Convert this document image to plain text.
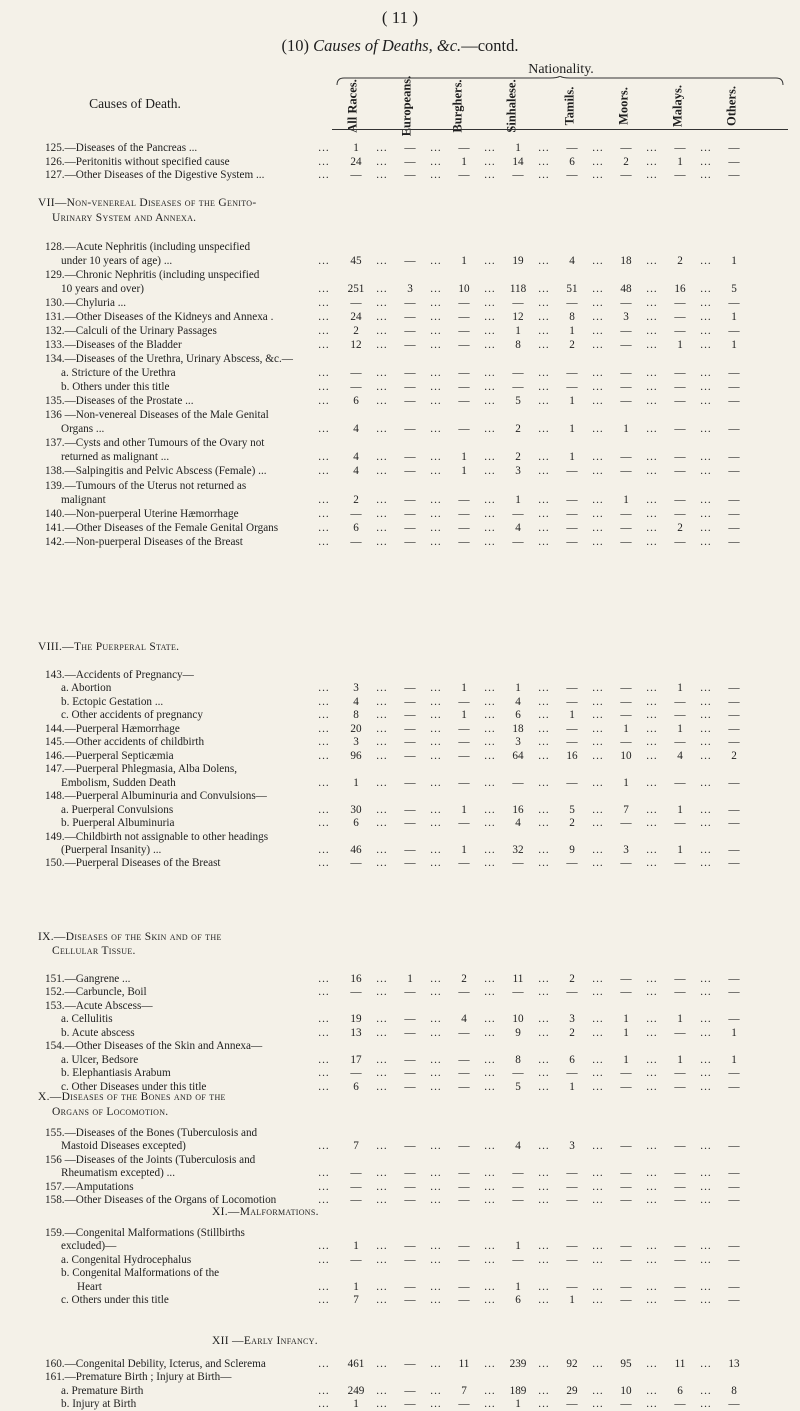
( 11 )
(10) Causes of Deaths, &c.—contd.
Nationality.
Causes of Death.	All Races.	Europeans.	Burghers.	Sinhalese.	Tamils.	Moors.	Malays.	Others.
VII—Non-venereal Diseases of the Genito-
Urinary System and Annexa.
VIII.—The Puerperal State.
IX.—Diseases of the Skin and of the
Cellular Tissue.
X.—Diseases of the Bones and of the
Organs of Locomotion.
XI.—Malformations.
XII —Early Infancy.
125.—Diseases of the Pancreas ...	1	...	—	...	—	...	1	...	—	...	—	...	—	...	—
...
126.—Peritonitis without specified cause	24	...	—	...	1	...	14	...	6	...	2	...	1	...	—
...
127.—Other Diseases of the Digestive System ...	—	...	—	...	—	...	—	...	—	...	—	...	—	...	—
...
128.—Acute Nephritis (including unspecified
under 10 years of age) ...	45	...	—	...	1	...	19	...	4	...	18	...	2	...	1
...
129.—Chronic Nephritis (including unspecified
10 years and over)	251	...	3	...	10	...	118	...	51	...	48	...	16	...	5
...
130.—Chyluria ...	—	...	—	...	—	...	—	...	—	...	—	...	—	...	—
...
131.—Other Diseases of the Kidneys and Annexa .	24	...	—	...	—	...	12	...	8	...	3	...	—	...	1
...
132.—Calculi of the Urinary Passages	2	...	—	...	—	...	1	...	1	...	—	...	—	...	—
...
133.—Diseases of the Bladder	12	...	—	...	—	...	8	...	2	...	—	...	1	...	1
...
134.—Diseases of the Urethra, Urinary Abscess, &c.—
a. Stricture of the Urethra	—	...	—	...	—	...	—	...	—	...	—	...	—	...	—
...
b. Others under this title	—	...	—	...	—	...	—	...	—	...	—	...	—	...	—
...
135.—Diseases of the Prostate ...	6	...	—	...	—	...	5	...	1	...	—	...	—	...	—
...
136 —Non-venereal Diseases of the Male Genital
Organs ...	4	...	—	...	—	...	2	...	1	...	1	...	—	...	—
...
137.—Cysts and other Tumours of the Ovary not
returned as malignant ...	4	...	—	...	1	...	2	...	1	...	—	...	—	...	—
...
138.—Salpingitis and Pelvic Abscess (Female) ...	4	...	—	...	1	...	3	...	—	...	—	...	—	...	—
...
139.—Tumours of the Uterus not returned as
malignant	2	...	—	...	—	...	1	...	—	...	1	...	—	...	—
...
140.—Non-puerperal Uterine Hæmorrhage	—	...	—	...	—	...	—	...	—	...	—	...	—	...	—
...
141.—Other Diseases of the Female Genital Organs	6	...	—	...	—	...	4	...	—	...	—	...	2	...	—
...
142.—Non-puerperal Diseases of the Breast	—	...	—	...	—	...	—	...	—	...	—	...	—	...	—
...
143.—Accidents of Pregnancy—
a. Abortion	3	...	—	...	1	...	1	...	—	...	—	...	1	...	—
...
b. Ectopic Gestation ...	4	...	—	...	—	...	4	...	—	...	—	...	—	...	—
...
c. Other accidents of pregnancy	8	...	—	...	1	...	6	...	1	...	—	...	—	...	—
...
144.—Puerperal Hæmorrhage	20	...	—	...	—	...	18	...	—	...	1	...	1	...	—
...
145.—Other accidents of childbirth	3	...	—	...	—	...	3	...	—	...	—	...	—	...	—
...
146.—Puerperal Septicæmia	96	...	—	...	—	...	64	...	16	...	10	...	4	...	2
...
147.—Puerperal Phlegmasia, Alba Dolens,
Embolism, Sudden Death	1	...	—	...	—	...	—	...	—	...	1	...	—	...	—
...
148.—Puerperal Albuminuria and Convulsions—
a. Puerperal Convulsions	30	...	—	...	1	...	16	...	5	...	7	...	1	...	—
...
b. Puerperal Albuminuria	6	...	—	...	—	...	4	...	2	...	—	...	—	...	—
...
149.—Childbirth not assignable to other headings
(Puerperal Insanity) ...	46	...	—	...	1	...	32	...	9	...	3	...	1	...	—
...
150.—Puerperal Diseases of the Breast	—	...	—	...	—	...	—	...	—	...	—	...	—	...	—
...
151.—Gangrene ...	16	...	1	...	2	...	11	...	2	...	—	...	—	...	—
...
152.—Carbuncle, Boil	—	...	—	...	—	...	—	...	—	...	—	...	—	...	—
...
153.—Acute Abscess—
a. Cellulitis	19	...	—	...	4	...	10	...	3	...	1	...	1	...	—
...
b. Acute abscess	13	...	—	...	—	...	9	...	2	...	1	...	—	...	1
...
154.—Other Diseases of the Skin and Annexa—
a. Ulcer, Bedsore	17	...	—	...	—	...	8	...	6	...	1	...	1	...	1
...
b. Elephantiasis Arabum	—	...	—	...	—	...	—	...	—	...	—	...	—	...	—
...
c. Other Diseases under this title	6	...	—	...	—	...	5	...	1	...	—	...	—	...	—
...
155.—Diseases of the Bones (Tuberculosis and
Mastoid Diseases excepted)	7	...	—	...	—	...	4	...	3	...	—	...	—	...	—
...
156 —Diseases of the Joints (Tuberculosis and
Rheumatism excepted) ...	—	...	—	...	—	...	—	...	—	...	—	...	—	...	—
...
157.—Amputations	—	...	—	...	—	...	—	...	—	...	—	...	—	...	—
...
158.—Other Diseases of the Organs of Locomotion	—	...	—	...	—	...	—	...	—	...	—	...	—	...	—
...
159.—Congenital Malformations (Stillbirths
excluded)—	1	...	—	...	—	...	1	...	—	...	—	...	—	...	—
...
a. Congenital Hydrocephalus	—	...	—	...	—	...	—	...	—	...	—	...	—	...	—
...
b. Congenital Malformations of the
Heart	1	...	—	...	—	...	1	...	—	...	—	...	—	...	—
...
c. Others under this title	7	...	—	...	—	...	6	...	1	...	—	...	—	...	—
...
160.—Congenital Debility, Icterus, and Sclerema	461	...	—	...	11	...	239	...	92	...	95	...	11	...	13
...
161.—Premature Birth ; Injury at Birth—
a. Premature Birth	249	...	—	...	7	...	189	...	29	...	10	...	6	...	8
...
b. Injury at Birth	1	...	—	...	—	...	1	...	—	...	—	...	—	...	—
...
